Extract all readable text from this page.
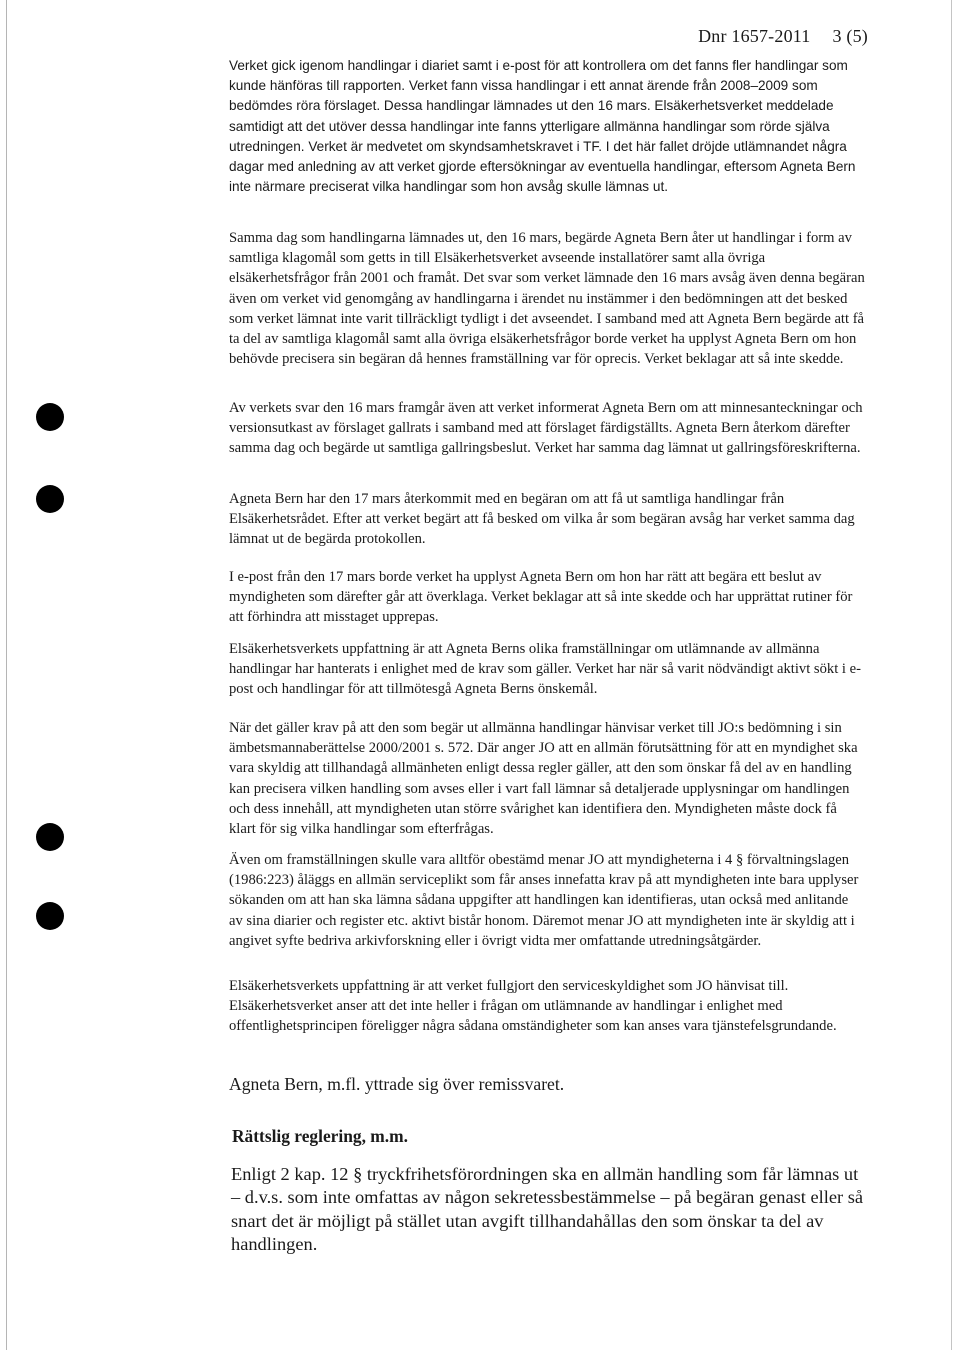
Dnr 1657-2011 3 (5)

Verket gick igenom handlingar i diariet samt i e-post för att kontrollera om det fanns fler handlingar som kunde hänföras till rapporten. Verket fann vissa handlingar i ett annat ärende från 2008–2009 som bedömdes röra förslaget. Dessa handlingar lämnades ut den 16 mars. Elsäkerhetsverket meddelade samtidigt att det utöver dessa handlingar inte fanns ytterligare allmänna handlingar som rörde själva utredningen. Verket är medvetet om skyndsamhetskravet i TF. I det här fallet dröjde utlämnandet några dagar med anledning av att verket gjorde eftersökningar av eventuella handlingar, eftersom Agneta Bern inte närmare preciserat vilka handlingar som hon avsåg skulle lämnas ut.

Samma dag som handlingarna lämnades ut, den 16 mars, begärde Agneta Bern åter ut handlingar i form av samtliga klagomål som getts in till Elsäkerhetsverket avseende installatörer samt alla övriga elsäkerhetsfrågor från 2001 och framåt. Det svar som verket lämnade den 16 mars avsåg även denna begäran även om verket vid genomgång av handlingarna i ärendet nu instämmer i den bedömningen att det besked som verket lämnat inte varit tillräckligt tydligt i det avseendet. I samband med att Agneta Bern begärde att få ta del av samtliga klagomål samt alla övriga elsäkerhetsfrågor borde verket ha upplyst Agneta Bern om hon behövde precisera sin begäran då hennes framställning var för oprecis. Verket beklagar att så inte skedde.

Av verkets svar den 16 mars framgår även att verket informerat Agneta Bern om att minnesanteckningar och versionsutkast av förslaget gallrats i samband med att förslaget färdigställts. Agneta Bern återkom därefter samma dag och begärde ut samtliga gallringsbeslut. Verket har samma dag lämnat ut gallringsföreskrifterna.

Agneta Bern har den 17 mars återkommit med en begäran om att få ut samtliga handlingar från Elsäkerhetsrådet. Efter att verket begärt att få besked om vilka år som begäran avsåg har verket samma dag lämnat ut de begärda protokollen.

I e-post från den 17 mars borde verket ha upplyst Agneta Bern om hon har rätt att begära ett beslut av myndigheten som därefter går att överklaga. Verket beklagar att så inte skedde och har upprättat rutiner för att förhindra att misstaget upprepas.

Elsäkerhetsverkets uppfattning är att Agneta Berns olika framställningar om utlämnande av allmänna handlingar har hanterats i enlighet med de krav som gäller. Verket har när så varit nödvändigt aktivt sökt i e-post och handlingar för att tillmötesgå Agneta Berns önskemål.

När det gäller krav på att den som begär ut allmänna handlingar hänvisar verket till JO:s bedömning i sin ämbetsmannaberättelse 2000/2001 s. 572. Där anger JO att en allmän förutsättning för att en myndighet ska vara skyldig att tillhandagå allmänheten enligt dessa regler gäller, att den som önskar få del av en handling kan precisera vilken handling som avses eller i vart fall lämnar så detaljerade upplysningar om handlingen och dess innehåll, att myndigheten utan större svårighet kan identifiera den. Myndigheten måste dock få klart för sig vilka handlingar som efterfrågas.

Även om framställningen skulle vara alltför obestämd menar JO att myndigheterna i 4 § förvaltningslagen (1986:223) åläggs en allmän serviceplikt som får anses innefatta krav på att myndigheten inte bara upplyser sökanden om att han ska lämna sådana uppgifter att handlingen kan identifieras, utan också med anlitande av sina diarier och register etc. aktivt bistår honom. Däremot menar JO att myndigheten inte är skyldig att i angivet syfte bedriva arkivforskning eller i övrigt vidta mer omfattande utredningsåtgärder.

Elsäkerhetsverkets uppfattning är att verket fullgjort den serviceskyldighet som JO hänvisat till. Elsäkerhetsverket anser att det inte heller i frågan om utlämnande av handlingar i enlighet med offentlighetsprincipen föreligger några sådana omständigheter som kan anses vara tjänstefelsgrundande.

Agneta Bern, m.fl. yttrade sig över remissvaret.

Rättslig reglering, m.m.

Enligt 2 kap. 12 § tryckfrihetsförordningen ska en allmän handling som får lämnas ut – d.v.s. som inte omfattas av någon sekretessbestämmelse – på begäran genast eller så snart det är möjligt på stället utan avgift tillhandahållas den som önskar ta del av handlingen.
